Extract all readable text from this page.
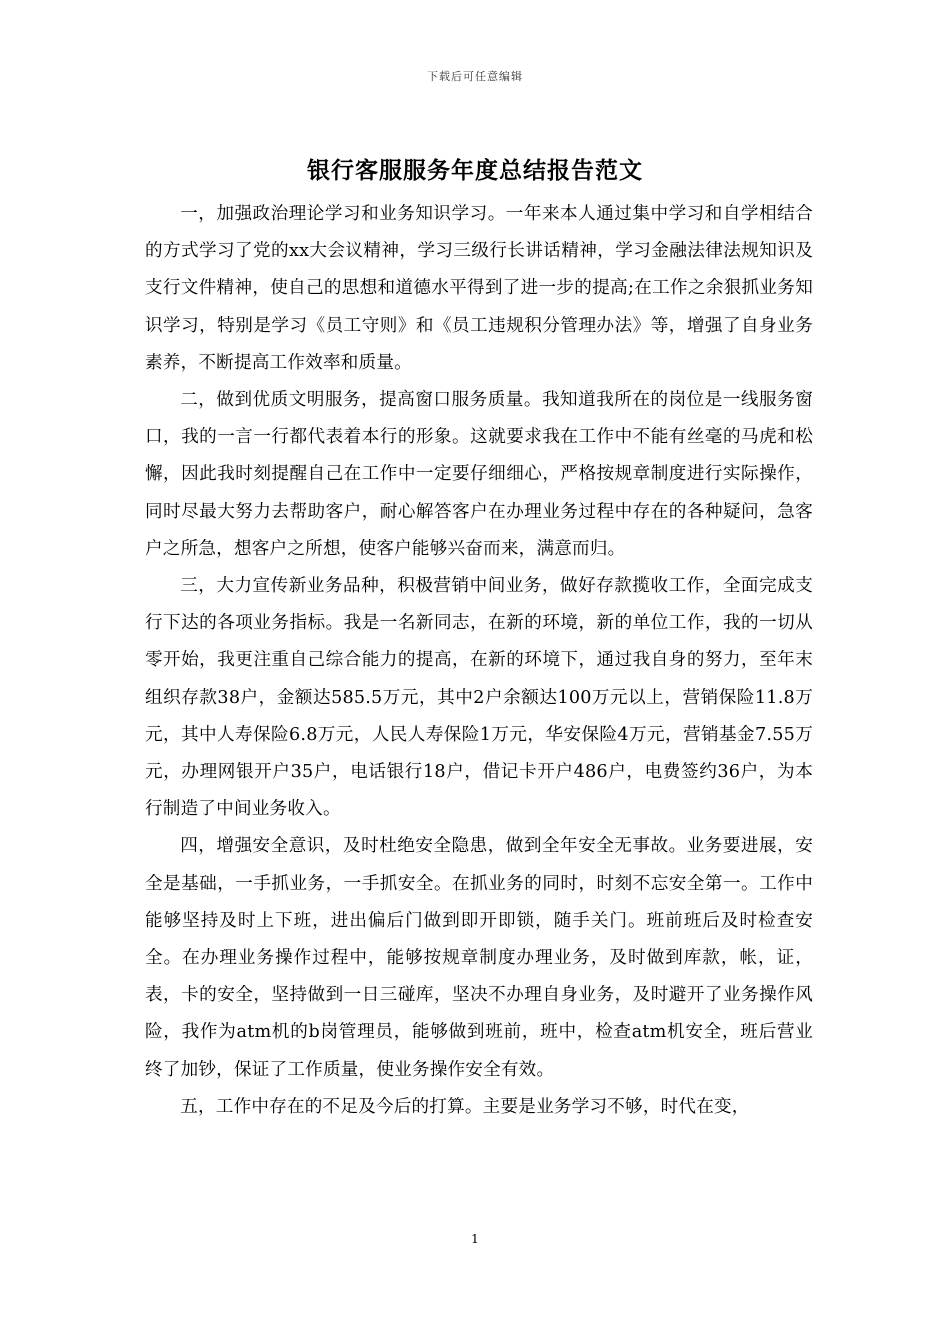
下载后可任意编辑
银行客服服务年度总结报告范文

一，加强政治理论学习和业务知识学习。一年来本人通过集中学习和自学相结合的方式学习了党的xx大会议精神，学习三级行长讲话精神，学习金融法律法规知识及支行文件精神，使自己的思想和道德水平得到了进一步的提高;在工作之余狠抓业务知识学习，特别是学习《员工守则》和《员工违规积分管理办法》等，增强了自身业务素养，不断提高工作效率和质量。

二，做到优质文明服务，提高窗口服务质量。我知道我所在的岗位是一线服务窗口，我的一言一行都代表着本行的形象。这就要求我在工作中不能有丝毫的马虎和松懈，因此我时刻提醒自己在工作中一定要仔细细心，严格按规章制度进行实际操作，同时尽最大努力去帮助客户，耐心解答客户在办理业务过程中存在的各种疑问，急客户之所急，想客户之所想，使客户能够兴奋而来，满意而归。

三，大力宣传新业务品种，积极营销中间业务，做好存款揽收工作，全面完成支行下达的各项业务指标。我是一名新同志，在新的环境，新的单位工作，我的一切从零开始，我更注重自己综合能力的提高，在新的环境下，通过我自身的努力，至年末组织存款38户，金额达585.5万元，其中2户余额达100万元以上，营销保险11.8万元，其中人寿保险6.8万元，人民人寿保险1万元，华安保险4万元，营销基金7.55万元，办理网银开户35户，电话银行18户，借记卡开户486户，电费签约36户，为本行制造了中间业务收入。

四，增强安全意识，及时杜绝安全隐患，做到全年安全无事故。业务要进展，安全是基础，一手抓业务，一手抓安全。在抓业务的同时，时刻不忘安全第一。工作中能够坚持及时上下班，进出偏后门做到即开即锁，随手关门。班前班后及时检查安全。在办理业务操作过程中，能够按规章制度办理业务，及时做到库款，帐，证，表，卡的安全，坚持做到一日三碰库，坚决不办理自身业务，及时避开了业务操作风险，我作为atm机的b岗管理员，能够做到班前，班中，检查atm机安全，班后营业终了加钞，保证了工作质量，使业务操作安全有效。

五，工作中存在的不足及今后的打算。主要是业务学习不够，时代在变，

1
